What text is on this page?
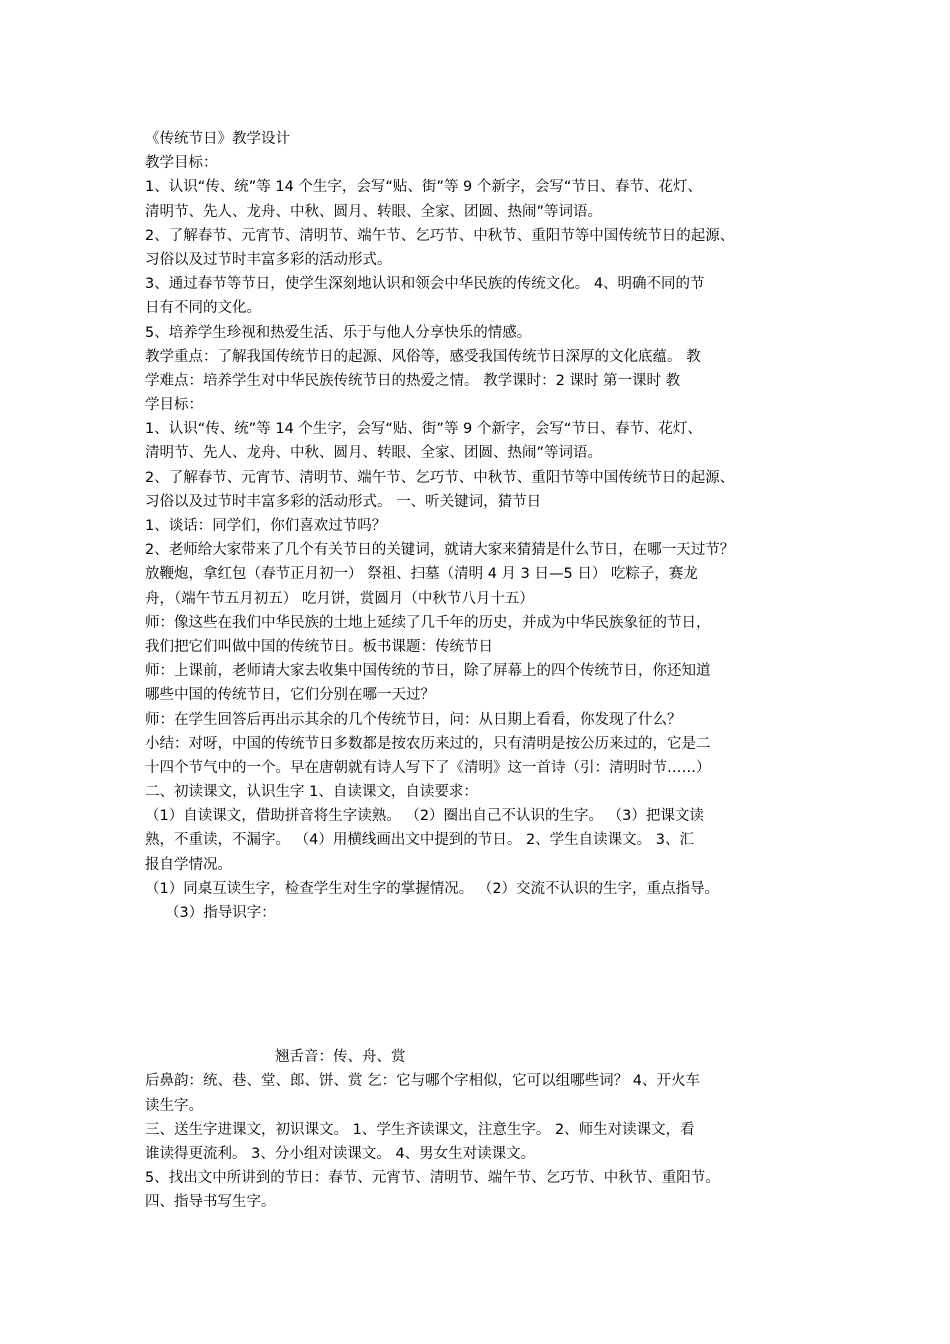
《传统节日》教学设计
教学目标：
1、认识“传、统”等 14 个生字，会写“贴、街”等 9 个新字，会写“节日、春节、花灯、
清明节、先人、龙舟、中秋、圆月、转眼、全家、团圆、热闹”等词语。
2、了解春节、元宵节、清明节、端午节、乞巧节、中秋节、重阳节等中国传统节日的起源、
习俗以及过节时丰富多彩的活动形式。
3、通过春节等节日，使学生深刻地认识和领会中华民族的传统文化。 4、明确不同的节
日有不同的文化。
5、培养学生珍视和热爱生活、乐于与他人分享快乐的情感。
教学重点：了解我国传统节日的起源、风俗等，感受我国传统节日深厚的文化底蕴。 教
学难点：培养学生对中华民族传统节日的热爱之情。 教学课时：2 课时 第一课时 教
学目标：
1、认识“传、统”等 14 个生字，会写“贴、街”等 9 个新字，会写“节日、春节、花灯、
清明节、先人、龙舟、中秋、圆月、转眼、全家、团圆、热闹”等词语。
2、了解春节、元宵节、清明节、端午节、乞巧节、中秋节、重阳节等中国传统节日的起源、
习俗以及过节时丰富多彩的活动形式。 一、听关键词，猜节日
1、谈话：同学们，你们喜欢过节吗？
2、老师给大家带来了几个有关节日的关键词，就请大家来猜猜是什么节日，在哪一天过节？
放鞭炮，拿红包（春节正月初一） 祭祖、扫墓（清明 4 月 3 日—5 日） 吃粽子，赛龙
舟，（端午节五月初五） 吃月饼，赏圆月（中秋节八月十五）
师：像这些在我们中华民族的土地上延续了几千年的历史，并成为中华民族象征的节日，
我们把它们叫做中国的传统节日。板书课题：传统节日
师：上课前，老师请大家去收集中国传统的节日，除了屏幕上的四个传统节日，你还知道
哪些中国的传统节日，它们分别在哪一天过？
师：在学生回答后再出示其余的几个传统节日，问：从日期上看看，你发现了什么？
小结：对呀，中国的传统节日多数都是按农历来过的，只有清明是按公历来过的，它是二
十四个节气中的一个。早在唐朝就有诗人写下了《清明》这一首诗（引：清明时节……）
二、初读课文，认识生字 1、自读课文，自读要求：
（1）自读课文，借助拼音将生字读熟。 （2）圈出自己不认识的生字。 （3）把课文读
熟，不重读，不漏字。 （4）用横线画出文中提到的节日。 2、学生自读课文。 3、汇
报自学情况。
（1）同桌互读生字，检查学生对生字的掌握情况。 （2）交流不认识的生字，重点指导。
（3）指导识字：
翘舌音：传、舟、赏
后鼻韵：统、巷、堂、郎、饼、赏 乞：它与哪个字相似，它可以组哪些词？ 4、开火车
读生字。
三、送生字进课文，初识课文。 1、学生齐读课文，注意生字。 2、师生对读课文，看
谁读得更流利。 3、分小组对读课文。 4、男女生对读课文。
5、找出文中所讲到的节日：春节、元宵节、清明节、端午节、乞巧节、中秋节、重阳节。
四、指导书写生字。
